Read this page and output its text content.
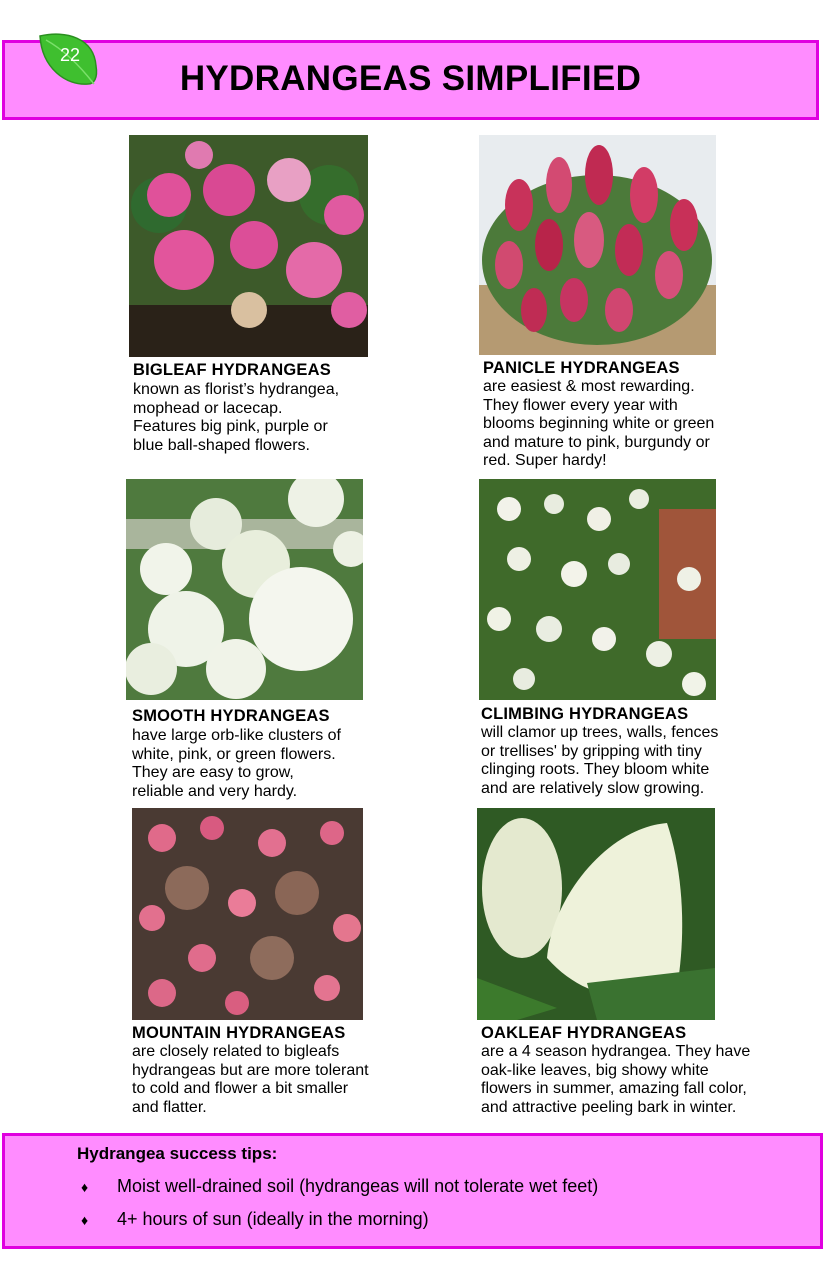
HYDRANGEAS SIMPLIFIED
22
BIGLEAF HYDRANGEAS
known as florist’s hydrangea,
mophead or lacecap.
Features big pink, purple or
blue ball-shaped flowers.
PANICLE HYDRANGEAS
are easiest & most rewarding.
They flower every year with
blooms beginning white or green
and mature to pink, burgundy or
red. Super hardy!
SMOOTH HYDRANGEAS
have large orb-like clusters of
white, pink, or green flowers.
They are easy to grow,
reliable and very hardy.
CLIMBING HYDRANGEAS
will clamor up trees, walls, fences
or trellises' by gripping with tiny
clinging roots. They bloom white
and are relatively slow growing.
MOUNTAIN HYDRANGEAS
are closely related to bigleafs
hydrangeas but are more tolerant
to cold and flower a bit smaller
and flatter.
OAKLEAF HYDRANGEAS
are a 4 season hydrangea. They have
oak-like leaves, big showy white
flowers in summer, amazing fall color,
and attractive peeling bark in winter.
Hydrangea success tips:
♦ Moist well-drained soil (hydrangeas will not tolerate wet feet)
♦ 4+ hours of sun (ideally in the morning)
